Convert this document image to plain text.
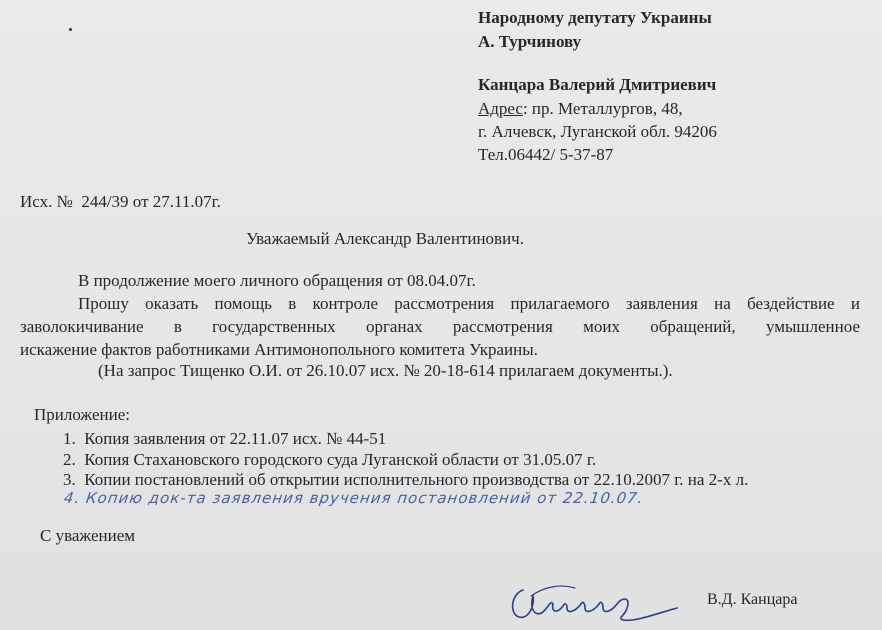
Народному депутату Украины
А. Турчинову
Канцара Валерий Дмитриевич
Адрес: пр. Металлургов, 48,
г. Алчевск, Луганской обл. 94206
Тел.06442/ 5-37-87
Исх. №  244/39 от 27.11.07г.
Уважаемый Александр Валентинович.
В продолжение моего личного обращения от 08.04.07г.
Прошу оказать помощь в контроле рассмотрения прилагаемого заявления на бездействие и
заволокичивание в государственных органах рассмотрения моих обращений, умышленное
искажение фактов работниками Антимонопольного комитета Украины.
(На запрос Тищенко О.И. от 26.10.07 исх. № 20-18-614 прилагаем документы.).
Приложение:
1.  Копия заявления от 22.11.07 исх. № 44-51
2.  Копия Стахановского городского суда Луганской области от 31.05.07 г.
3.  Копии постановлений об открытии исполнительного производства от 22.10.2007 г. на 2-х л.
4. Копию док-та заявления вручения постановлений от 22.10.07.
С уважением
В.Д. Канцара
